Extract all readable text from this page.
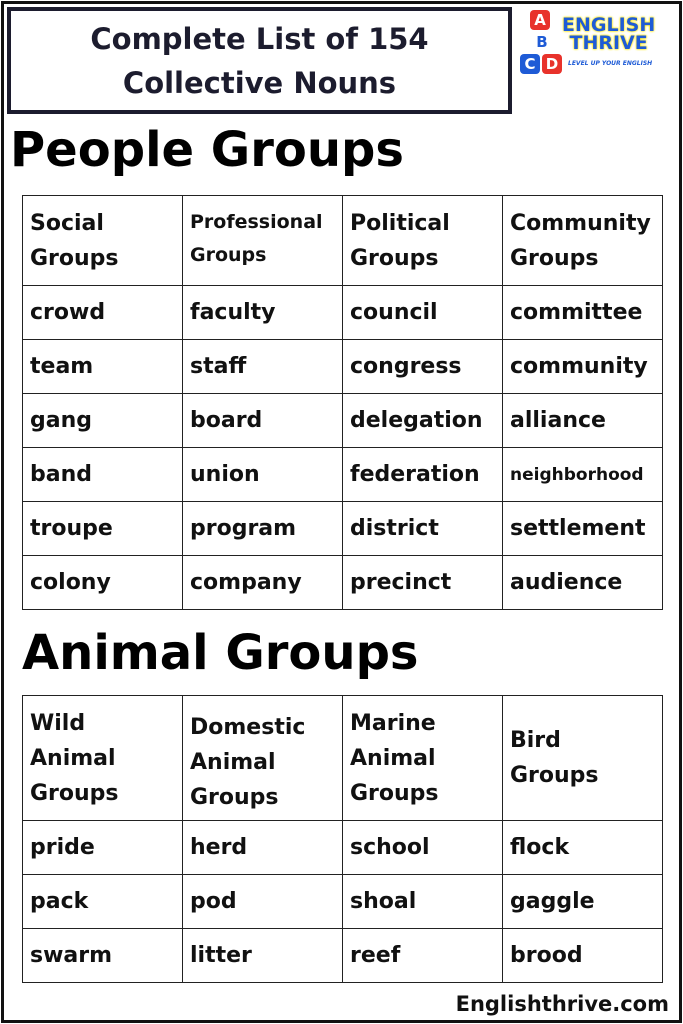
Complete List of 154
Collective Nouns
A
B
C D
ENGLISH
THRIVE
LEVEL UP YOUR ENGLISH
People Groups
Social Groups	Professional Groups	Political Groups	Community Groups
crowd	faculty	council	committee
team	staff	congress	community
gang	board	delegation	alliance
band	union	federation	neighborhood
troupe	program	district	settlement
colony	company	precinct	audience
Animal Groups
Wild Animal Groups	Domestic Animal Groups	Marine Animal Groups	Bird Groups
pride	herd	school	flock
pack	pod	shoal	gaggle
swarm	litter	reef	brood
Englishthrive.com
